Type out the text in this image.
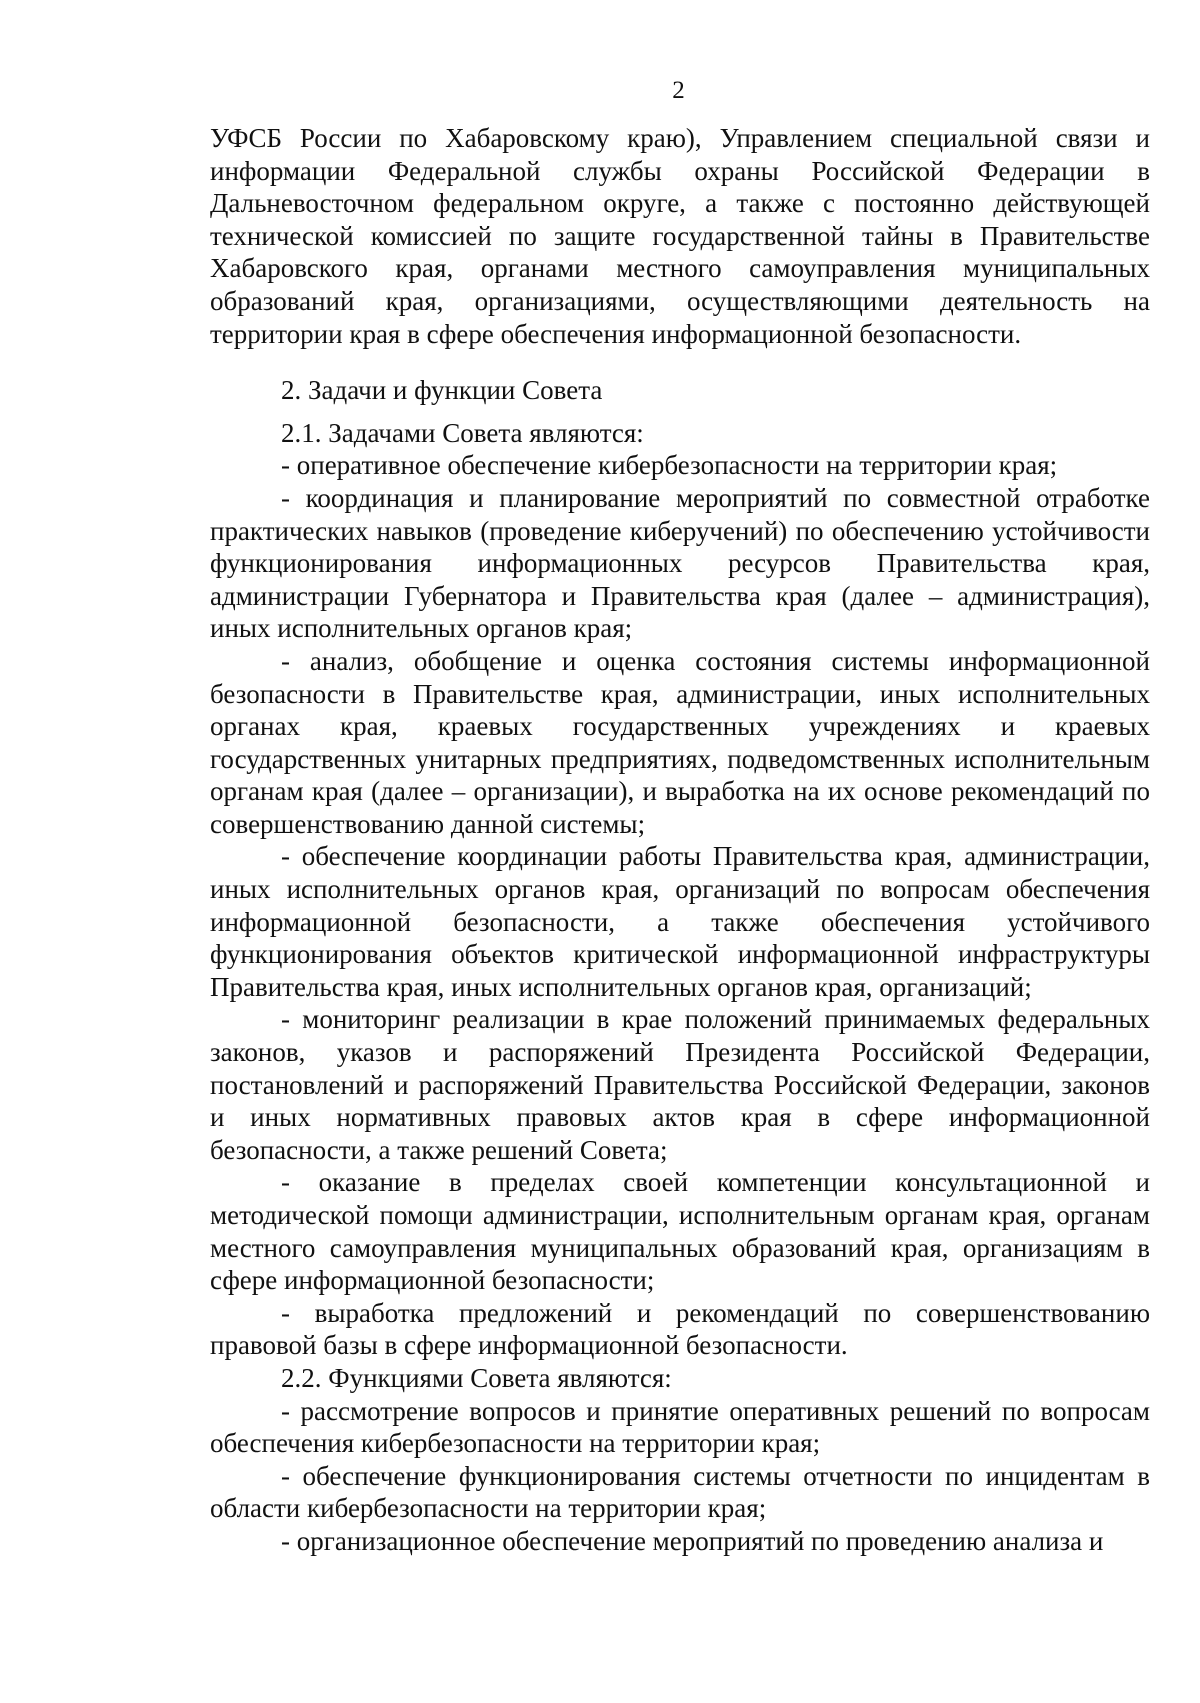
2

УФСБ России по Хабаровскому краю), Управлением специальной связи и информации Федеральной службы охраны Российской Федерации в Дальневосточном федеральном округе, а также с постоянно действующей технической комиссией по защите государственной тайны в Правительстве Хабаровского края, органами местного самоуправления муниципальных образований края, организациями, осуществляющими деятельность на территории края в сфере обеспечения информационной безопасности.

2. Задачи и функции Совета

2.1. Задачами Совета являются:

- оперативное обеспечение кибербезопасности на территории края;

- координация и планирование мероприятий по совместной отработке практических навыков (проведение киберучений) по обеспечению устойчивости функционирования информационных ресурсов Правительства края, администрации Губернатора и Правительства края (далее – администрация), иных исполнительных органов края;

- анализ, обобщение и оценка состояния системы информационной безопасности в Правительстве края, администрации, иных исполнительных органах края, краевых государственных учреждениях и краевых государственных унитарных предприятиях, подведомственных исполнительным органам края (далее – организации), и выработка на их основе рекомендаций по совершенствованию данной системы;

- обеспечение координации работы Правительства края, администрации, иных исполнительных органов края, организаций по вопросам обеспечения информационной безопасности, а также обеспечения устойчивого функционирования объектов критической информационной инфраструктуры Правительства края, иных исполнительных органов края, организаций;

- мониторинг реализации в крае положений принимаемых федеральных законов, указов и распоряжений Президента Российской Федерации, постановлений и распоряжений Правительства Российской Федерации, законов и иных нормативных правовых актов края в сфере информационной безопасности, а также решений Совета;

- оказание в пределах своей компетенции консультационной и методической помощи администрации, исполнительным органам края, органам местного самоуправления муниципальных образований края, организациям в сфере информационной безопасности;

- выработка предложений и рекомендаций по совершенствованию правовой базы в сфере информационной безопасности.

2.2. Функциями Совета являются:

- рассмотрение вопросов и принятие оперативных решений по вопросам обеспечения кибербезопасности на территории края;

- обеспечение функционирования системы отчетности по инцидентам в области кибербезопасности на территории края;

- организационное обеспечение мероприятий по проведению анализа и
